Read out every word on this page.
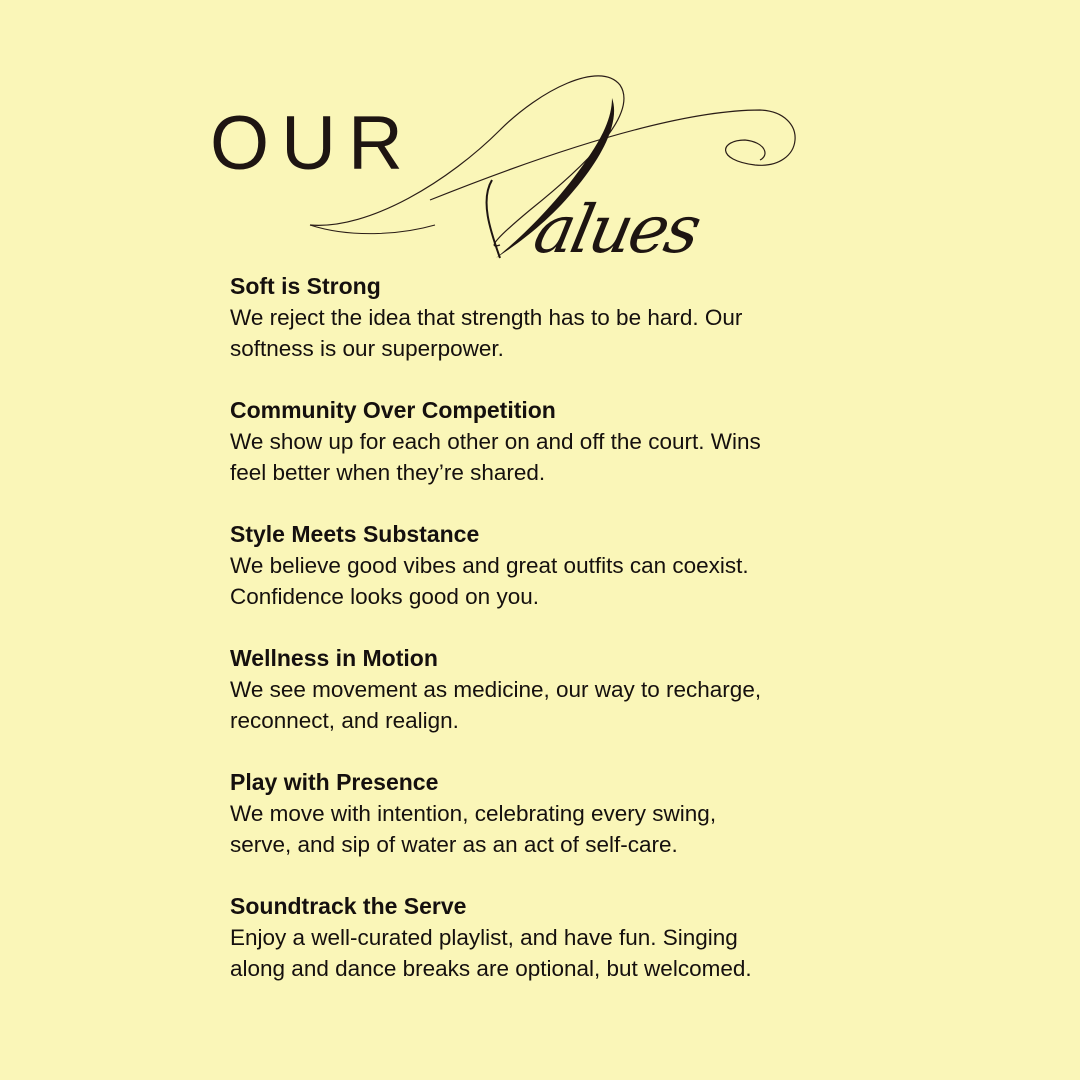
OUR
alues
Soft is Strong
We reject the idea that strength has to be hard. Our
softness is our superpower.
Community Over Competition
We show up for each other on and off the court. Wins
feel better when they’re shared.
Style Meets Substance
We believe good vibes and great outfits can coexist.
Confidence looks good on you.
Wellness in Motion
We see movement as medicine, our way to recharge,
reconnect, and realign.
Play with Presence
We move with intention, celebrating every swing,
serve, and sip of water as an act of self-care.
Soundtrack the Serve
Enjoy a well-curated playlist, and have fun. Singing
along and dance breaks are optional, but welcomed.
